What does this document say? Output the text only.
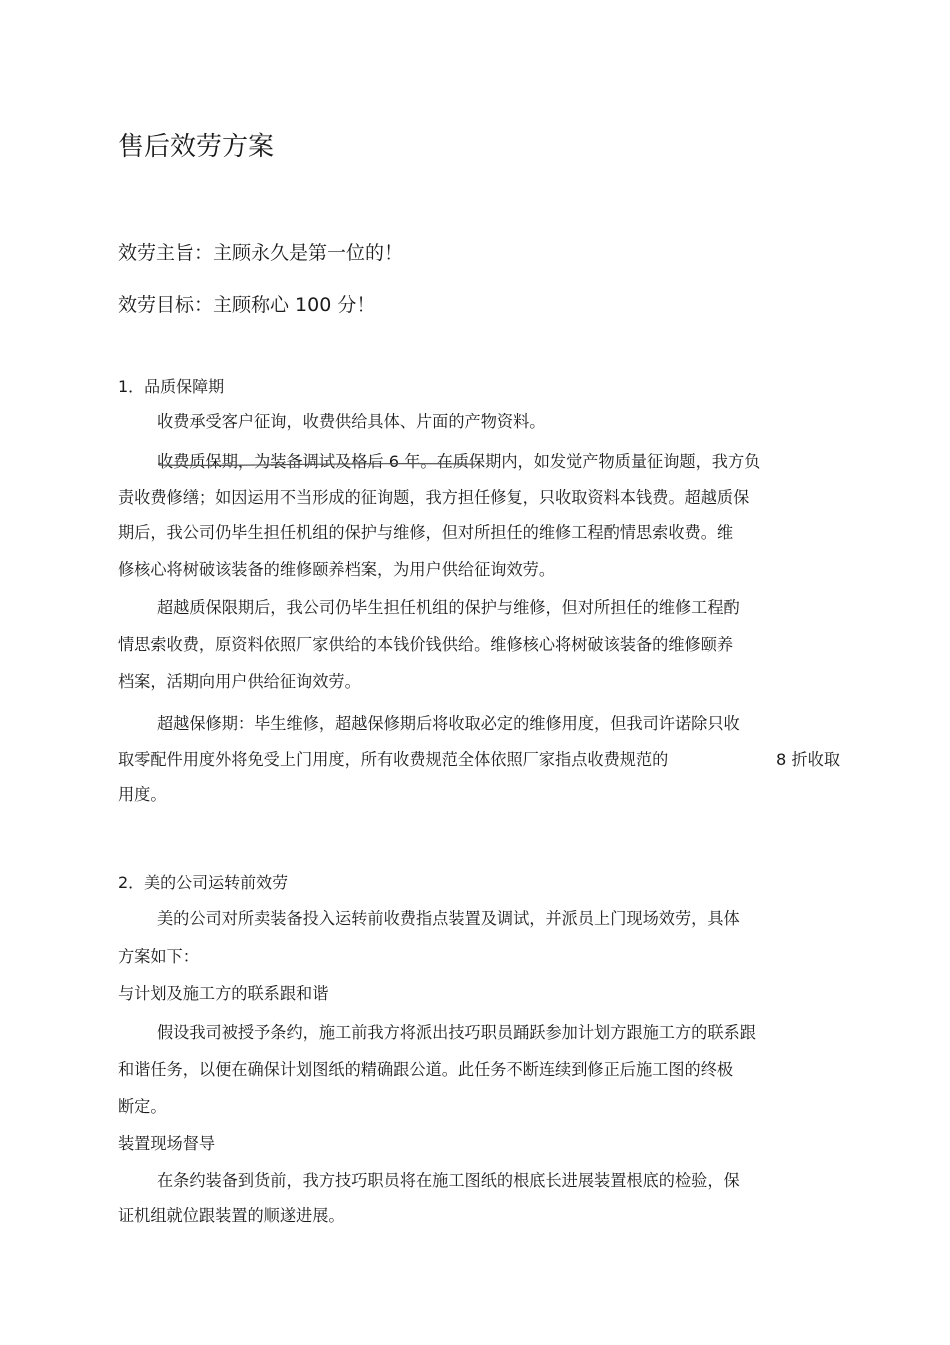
售后效劳方案
效劳主旨：主顾永久是第一位的！
效劳目标：主顾称心 100 分！
1．品质保障期
收费承受客户征询，收费供给具体、片面的产物资料。
收费质保期，为装备调试及格后 6 年。在质保期内，如发觉产物质量征询题，我方负
责收费修缮；如因运用不当形成的征询题，我方担任修复，只收取资料本钱费。超越质保
期后，我公司仍毕生担任机组的保护与维修，但对所担任的维修工程酌情思索收费。维
修核心将树破该装备的维修颐养档案，为用户供给征询效劳。
超越质保限期后，我公司仍毕生担任机组的保护与维修，但对所担任的维修工程酌
情思索收费，原资料依照厂家供给的本钱价钱供给。维修核心将树破该装备的维修颐养
档案，活期向用户供给征询效劳。
超越保修期：毕生维修，超越保修期后将收取必定的维修用度，但我司许诺除只收
取零配件用度外将免受上门用度，所有收费规范全体依照厂家指点收费规范的	8 折收取
用度。
2．美的公司运转前效劳
美的公司对所卖装备投入运转前收费指点装置及调试，并派员上门现场效劳，具体
方案如下：
与计划及施工方的联系跟和谐
假设我司被授予条约，施工前我方将派出技巧职员踊跃参加计划方跟施工方的联系跟
和谐任务，以便在确保计划图纸的精确跟公道。此任务不断连续到修正后施工图的终极
断定。
装置现场督导
在条约装备到货前，我方技巧职员将在施工图纸的根底长进展装置根底的检验，保
证机组就位跟装置的顺遂进展。
